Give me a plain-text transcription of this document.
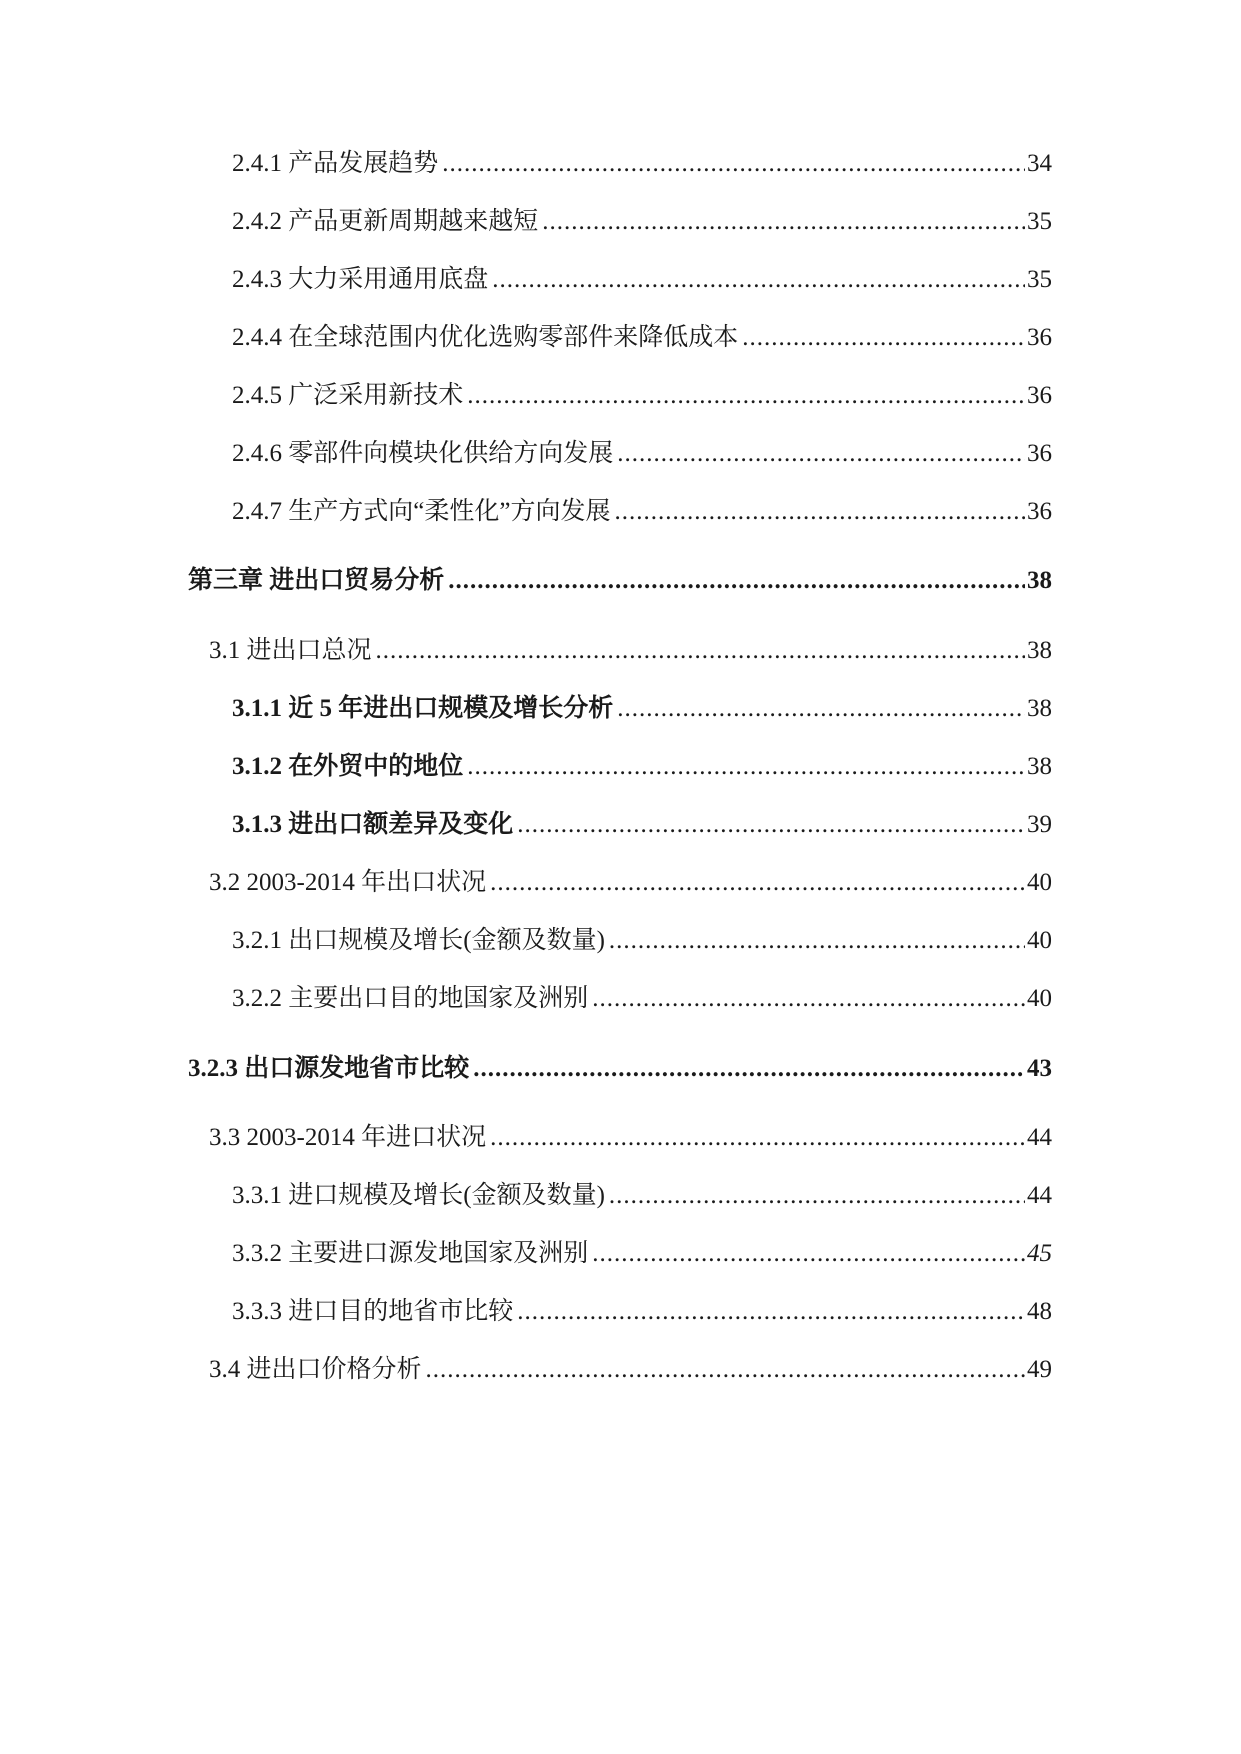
2.4.1 产品发展趋势 .....	34
2.4.2 产品更新周期越来越短 .....	35
2.4.3 大力采用通用底盘 .....	35
2.4.4 在全球范围内优化选购零部件来降低成本 .....	36
2.4.5 广泛采用新技术 .....	36
2.4.6 零部件向模块化供给方向发展 .....	36
2.4.7 生产方式向“柔性化”方向发展 .....	36
第三章 进出口贸易分析 .....	38
3.1 进出口总况 .....	38
3.1.1 近 5 年进出口规模及增长分析 .....	38
3.1.2 在外贸中的地位 .....	38
3.1.3 进出口额差异及变化 .....	39
3.2 2003-2014 年出口状况 .....	40
3.2.1 出口规模及增长(金额及数量) .....	40
3.2.2 主要出口目的地国家及洲别 .....	40
3.2.3 出口源发地省市比较 .....	43
3.3 2003-2014 年进口状况 .....	44
3.3.1 进口规模及增长(金额及数量) .....	44
3.3.2 主要进口源发地国家及洲别 .....	45
3.3.3 进口目的地省市比较 .....	48
3.4 进出口价格分析 .....	49
